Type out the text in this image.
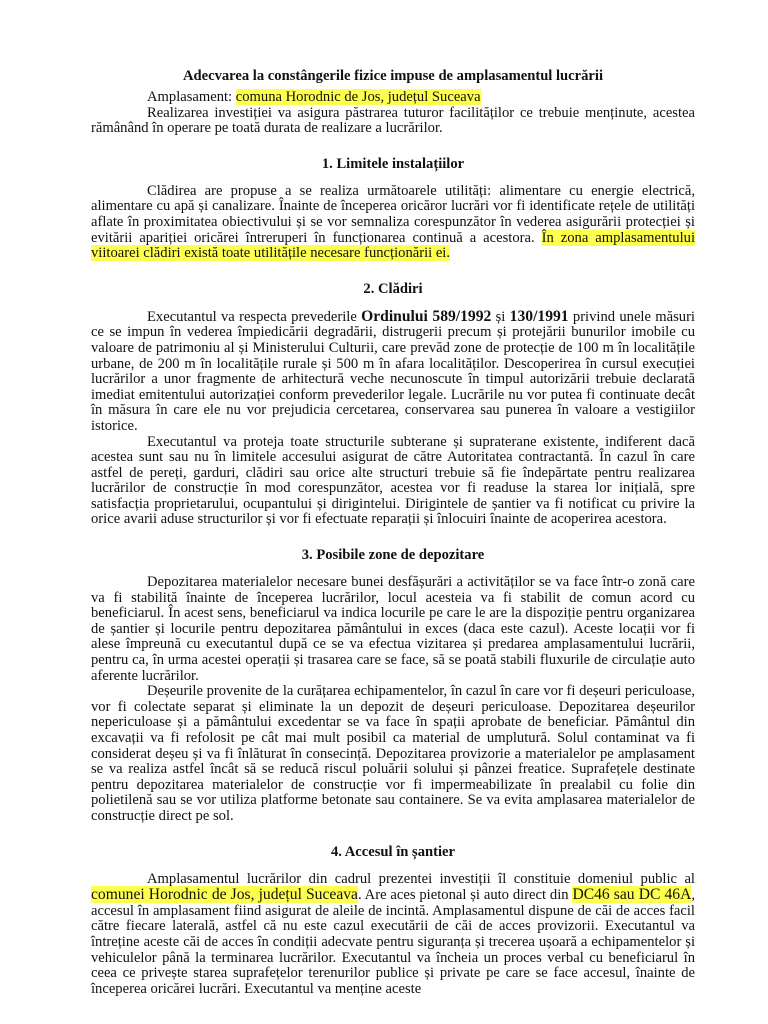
Adecvarea la constângerile fizice impuse de amplasamentul lucrării

Amplasament: comuna Horodnic de Jos, județul Suceava

Realizarea investiției va asigura păstrarea tuturor facilităților ce trebuie menținute, acestea rămânând în operare pe toată durata de realizare a lucrărilor.

1. Limitele instalațiilor

Clădirea are propuse a se realiza următoarele utilități: alimentare cu energie electrică, alimentare cu apă și canalizare. Înainte de începerea oricăror lucrări vor fi identificate rețele de utilități aflate în proximitatea obiectivului și se vor semnaliza corespunzător în vederea asigurării protecției și evitării apariției oricărei întreruperi în funcționarea continuă a acestora. În zona amplasamentului viitoarei clădiri există toate utilitățile necesare funcționării ei.

2. Clădiri

Executantul va respecta prevederile Ordinului 589/1992 și 130/1991 privind unele măsuri ce se impun în vederea împiedicării degradării, distrugerii precum și protejării bunurilor imobile cu valoare de patrimoniu al și Ministerului Culturii, care prevăd zone de protecție de 100 m în localitățile urbane, de 200 m în localitățile rurale și 500 m în afara localităților. Descoperirea în cursul execuției lucrărilor a unor fragmente de arhitectură veche necunoscute în timpul autorizării trebuie declarată imediat emitentului autorizației conform prevederilor legale. Lucrările nu vor putea fi continuate decât în măsura în care ele nu vor prejudicia cercetarea, conservarea sau punerea în valoare a vestigiilor istorice.

Executantul va proteja toate structurile subterane și supraterane existente, indiferent dacă acestea sunt sau nu în limitele accesului asigurat de către Autoritatea contractantă. În cazul în care astfel de pereți, garduri, clădiri sau orice alte structuri trebuie să fie îndepărtate pentru realizarea lucrărilor de construcție în mod corespunzător, acestea vor fi readuse la starea lor inițială, spre satisfacția proprietarului, ocupantului și dirigintelui. Dirigintele de șantier va fi notificat cu privire la orice avarii aduse structurilor și vor fi efectuate reparații și înlocuiri înainte de acoperirea acestora.

3. Posibile zone de depozitare

Depozitarea materialelor necesare bunei desfășurări a activităților se va face într-o zonă care va fi stabilită înainte de începerea lucrărilor, locul acesteia va fi stabilit de comun acord cu beneficiarul. În acest sens, beneficiarul va indica locurile pe care le are la dispoziție pentru organizarea de șantier și locurile pentru depozitarea pământului in exces (daca este cazul). Aceste locații vor fi alese împreună cu executantul după ce se va efectua vizitarea și predarea amplasamentului lucrării, pentru ca, în urma acestei operații și trasarea care se face, să se poată stabili fluxurile de circulație auto aferente lucrărilor.

Deșeurile provenite de la curățarea echipamentelor, în cazul în care vor fi deșeuri periculoase, vor fi colectate separat și eliminate la un depozit de deșeuri periculoase. Depozitarea deșeurilor nepericuloase și a pământului excedentar se va face în spații aprobate de beneficiar. Pământul din excavații va fi refolosit pe cât mai mult posibil ca material de umplutură. Solul contaminat va fi considerat deșeu și va fi înlăturat în consecință. Depozitarea provizorie a materialelor pe amplasament se va realiza astfel încât să se reducă riscul poluării solului și pânzei freatice. Suprafețele destinate pentru depozitarea materialelor de construcție vor fi impermeabilizate în prealabil cu folie din polietilenă sau se vor utiliza platforme betonate sau containere. Se va evita amplasarea materialelor de construcție direct pe sol.

4. Accesul în șantier

Amplasamentul lucrărilor din cadrul prezentei investiții îl constituie domeniul public al comunei Horodnic de Jos, județul Suceava. Are aces pietonal și auto direct din DC46 sau DC 46A, accesul în amplasament fiind asigurat de aleile de incintă. Amplasamentul dispune de căi de acces facil către fiecare laterală, astfel că nu este cazul executării de căi de acces provizorii. Executantul va întreține aceste căi de acces în condiții adecvate pentru siguranța și trecerea ușoară a echipamentelor și vehiculelor până la terminarea lucrărilor. Executantul va încheia un proces verbal cu beneficiarul în ceea ce privește starea suprafețelor terenurilor publice și private pe care se face accesul, înainte de începerea oricărei lucrări. Executantul va menține aceste
